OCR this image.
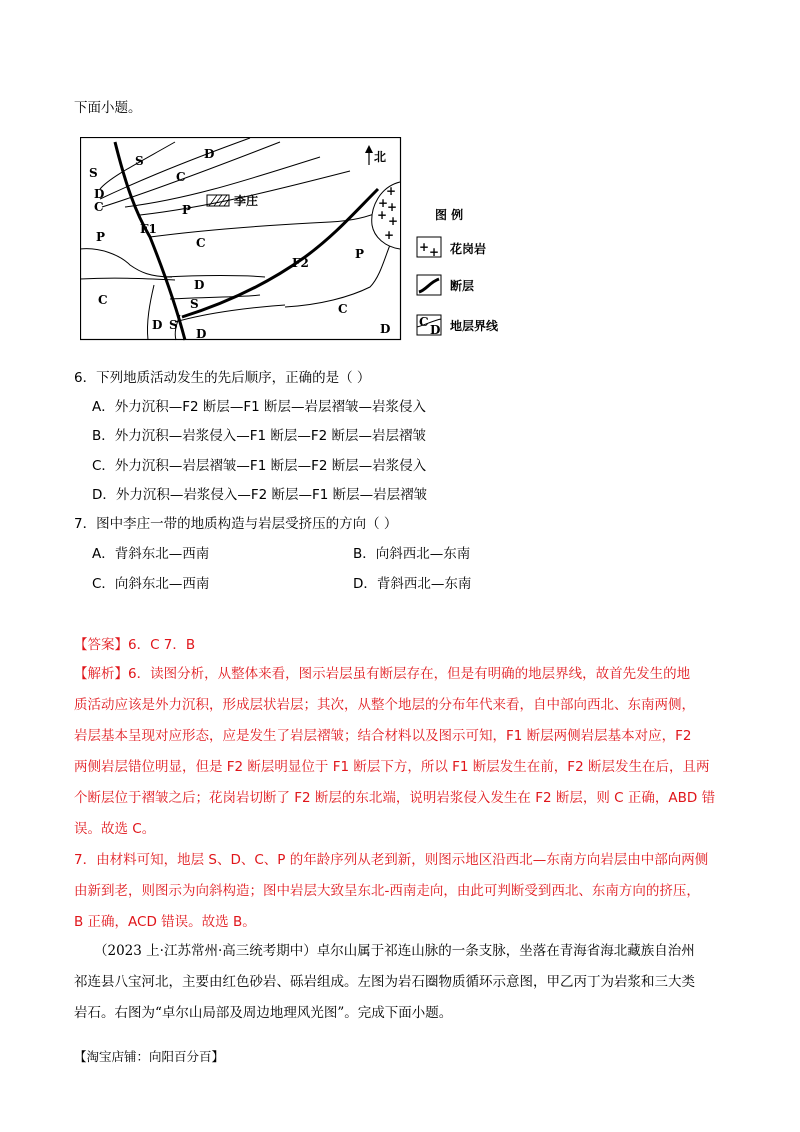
下面小题。
+
+
+
+ +
+
李庄
北
F1
F2
S
S	D
C
P
D
C
P	C
P
D
S
C
D S
D
C
D
图 例
+ + 花岗岩
断层
C
D 地层界线
6．下列地质活动发生的先后顺序，正确的是（ ）
A．外力沉积—F2 断层—F1 断层—岩层褶皱—岩浆侵入
B．外力沉积—岩浆侵入—F1 断层—F2 断层—岩层褶皱
C．外力沉积—岩层褶皱—F1 断层—F2 断层—岩浆侵入
D．外力沉积—岩浆侵入—F2 断层—F1 断层—岩层褶皱
7．图中李庄一带的地质构造与岩层受挤压的方向（ ）
A．背斜东北—西南	B．向斜西北—东南
C．向斜东北—西南	D．背斜西北—东南
【答案】6．C 7．B
【解析】6．读图分析，从整体来看，图示岩层虽有断层存在，但是有明确的地层界线，故首先发生的地
质活动应该是外力沉积，形成层状岩层；其次，从整个地层的分布年代来看，自中部向西北、东南两侧，
岩层基本呈现对应形态，应是发生了岩层褶皱；结合材料以及图示可知，F1 断层两侧岩层基本对应，F2
两侧岩层错位明显，但是 F2 断层明显位于 F1 断层下方，所以 F1 断层发生在前，F2 断层发生在后，且两
个断层位于褶皱之后；花岗岩切断了 F2 断层的东北端，说明岩浆侵入发生在 F2 断层，则 C 正确，ABD 错
误。故选 C。
7．由材料可知，地层 S、D、C、P 的年龄序列从老到新，则图示地区沿西北—东南方向岩层由中部向两侧
由新到老，则图示为向斜构造；图中岩层大致呈东北-西南走向，由此可判断受到西北、东南方向的挤压，
B 正确，ACD 错误。故选 B。
（2023 上·江苏常州·高三统考期中）卓尔山属于祁连山脉的一条支脉，坐落在青海省海北藏族自治州
祁连县八宝河北，主要由红色砂岩、砾岩组成。左图为岩石圈物质循环示意图，甲乙丙丁为岩浆和三大类
岩石。右图为“卓尔山局部及周边地理风光图”。完成下面小题。
【淘宝店铺：向阳百分百】
